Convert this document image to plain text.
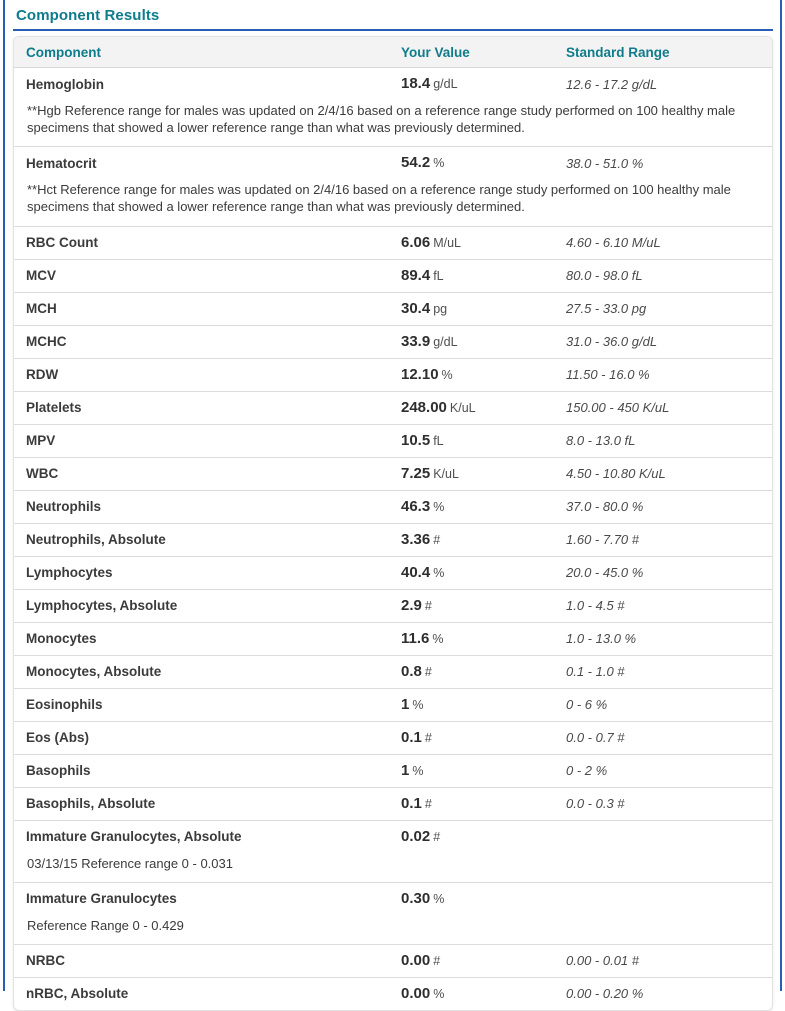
Component Results
Component	Your Value	Standard Range
Hemoglobin	18.4 g/dL	12.6 - 17.2 g/dL
**Hgb Reference range for males was updated on 2/4/16 based on a reference range study performed on 100 healthy male specimens that showed a lower reference range than what was previously determined.
Hematocrit	54.2 %	38.0 - 51.0 %
**Hct Reference range for males was updated on 2/4/16 based on a reference range study performed on 100 healthy male specimens that showed a lower reference range than what was previously determined.
RBC Count	6.06 M/uL	4.60 - 6.10 M/uL
MCV	89.4 fL	80.0 - 98.0 fL
MCH	30.4 pg	27.5 - 33.0 pg
MCHC	33.9 g/dL	31.0 - 36.0 g/dL
RDW	12.10 %	11.50 - 16.0 %
Platelets	248.00 K/uL	150.00 - 450 K/uL
MPV	10.5 fL	8.0 - 13.0 fL
WBC	7.25 K/uL	4.50 - 10.80 K/uL
Neutrophils	46.3 %	37.0 - 80.0 %
Neutrophils, Absolute	3.36 #	1.60 - 7.70 #
Lymphocytes	40.4 %	20.0 - 45.0 %
Lymphocytes, Absolute	2.9 #	1.0 - 4.5 #
Monocytes	11.6 %	1.0 - 13.0 %
Monocytes, Absolute	0.8 #	0.1 - 1.0 #
Eosinophils	1 %	0 - 6 %
Eos (Abs)	0.1 #	0.0 - 0.7 #
Basophils	1 %	0 - 2 %
Basophils, Absolute	0.1 #	0.0 - 0.3 #
Immature Granulocytes, Absolute	0.02 #
03/13/15 Reference range 0 - 0.031
Immature Granulocytes	0.30 %
Reference Range 0 - 0.429
NRBC	0.00 #	0.00 - 0.01 #
nRBC, Absolute	0.00 %	0.00 - 0.20 %
